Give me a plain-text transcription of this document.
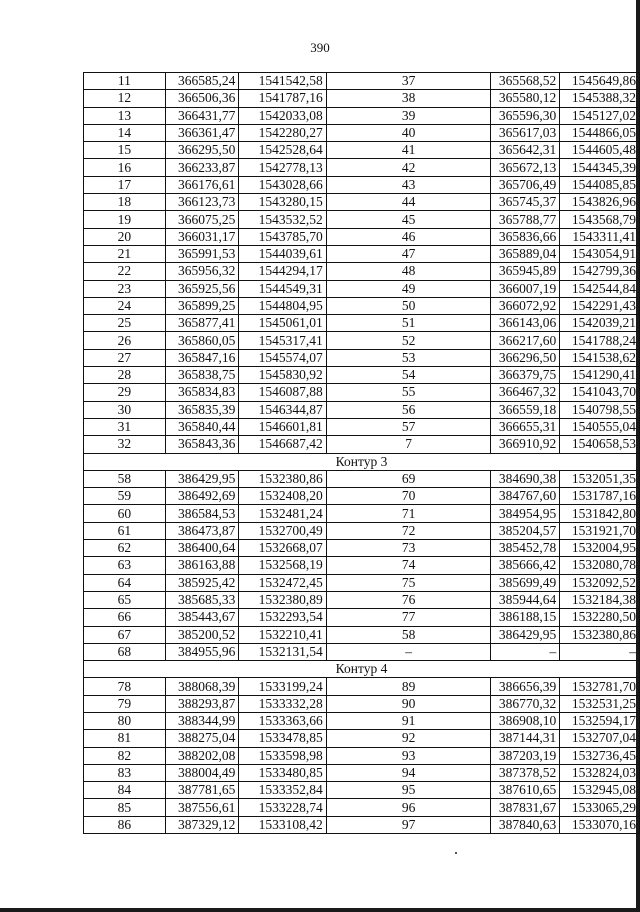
390
11	366585,24	1541542,58	37	365568,52	1545649,86
12	366506,36	1541787,16	38	365580,12	1545388,32
13	366431,77	1542033,08	39	365596,30	1545127,02
14	366361,47	1542280,27	40	365617,03	1544866,05
15	366295,50	1542528,64	41	365642,31	1544605,48
16	366233,87	1542778,13	42	365672,13	1544345,39
17	366176,61	1543028,66	43	365706,49	1544085,85
18	366123,73	1543280,15	44	365745,37	1543826,96
19	366075,25	1543532,52	45	365788,77	1543568,79
20	366031,17	1543785,70	46	365836,66	1543311,41
21	365991,53	1544039,61	47	365889,04	1543054,91
22	365956,32	1544294,17	48	365945,89	1542799,36
23	365925,56	1544549,31	49	366007,19	1542544,84
24	365899,25	1544804,95	50	366072,92	1542291,43
25	365877,41	1545061,01	51	366143,06	1542039,21
26	365860,05	1545317,41	52	366217,60	1541788,24
27	365847,16	1545574,07	53	366296,50	1541538,62
28	365838,75	1545830,92	54	366379,75	1541290,41
29	365834,83	1546087,88	55	366467,32	1541043,70
30	365835,39	1546344,87	56	366559,18	1540798,55
31	365840,44	1546601,81	57	366655,31	1540555,04
32	365843,36	1546687,42	7	366910,92	1540658,53
Контур 3					
58	386429,95	1532380,86	69	384690,38	1532051,35
59	386492,69	1532408,20	70	384767,60	1531787,16
60	386584,53	1532481,24	71	384954,95	1531842,80
61	386473,87	1532700,49	72	385204,57	1531921,70
62	386400,64	1532668,07	73	385452,78	1532004,95
63	386163,88	1532568,19	74	385666,42	1532080,78
64	385925,42	1532472,45	75	385699,49	1532092,52
65	385685,33	1532380,89	76	385944,64	1532184,38
66	385443,67	1532293,54	77	386188,15	1532280,50
67	385200,52	1532210,41	58	386429,95	1532380,86
68	384955,96	1532131,54	–	–	–
Контур 4					
78	388068,39	1533199,24	89	386656,39	1532781,70
79	388293,87	1533332,28	90	386770,32	1532531,25
80	388344,99	1533363,66	91	386908,10	1532594,17
81	388275,04	1533478,85	92	387144,31	1532707,04
82	388202,08	1533598,98	93	387203,19	1532736,45
83	388004,49	1533480,85	94	387378,52	1532824,03
84	387781,65	1533352,84	95	387610,65	1532945,08
85	387556,61	1533228,74	96	387831,67	1533065,29
86	387329,12	1533108,42	97	387840,63	1533070,16
